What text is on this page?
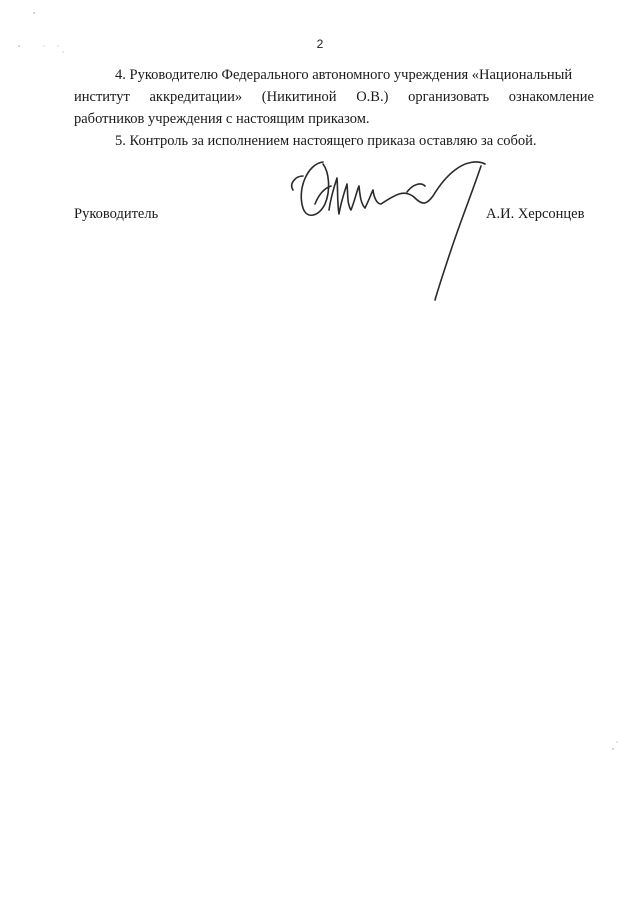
2

4. Руководителю Федерального автономного учреждения «Национальный
институт аккредитации» (Никитиной О.В.) организовать ознакомление
работников учреждения с настоящим приказом.

5. Контроль за исполнением настоящего приказа оставляю за собой.

Руководитель	А.И. Херсонцев
